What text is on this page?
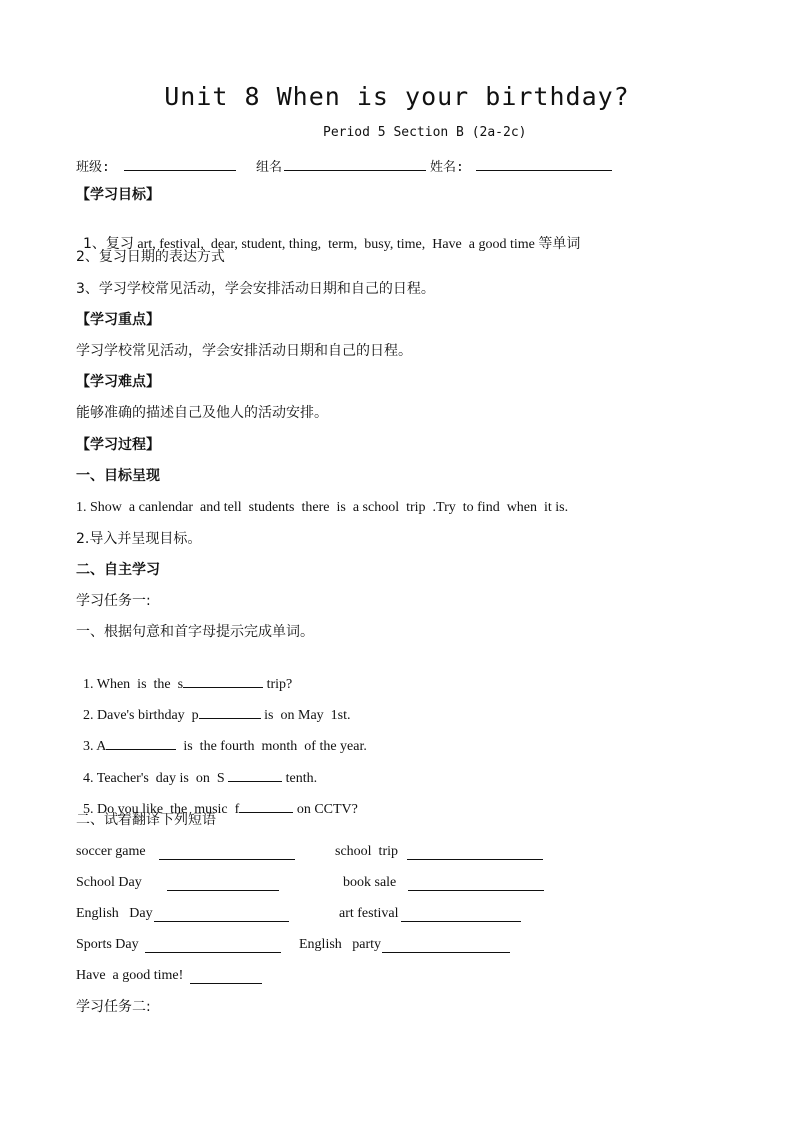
Unit 8 When is your birthday?
Period 5 Section B (2a-2c)
班级:	组名	姓名:
【学习目标】

1、复习 art, festival,  dear, student, thing,  term,  busy, time,  Have  a good time 等单词

2、复习日期的表达方式
3、学习学校常见活动，学会安排活动日期和自己的日程。
【学习重点】
学习学校常见活动，学会安排活动日期和自己的日程。
【学习难点】
能够准确的描述自己及他人的活动安排。
【学习过程】
一、目标呈现
1. Show  a canlendar  and tell  students  there  is  a school  trip  .Try  to find  when  it is.
2.导入并呈现目标。
二、自主学习
学习任务一:
一、根据句意和首字母提示完成单词。

1. When  is  the  s	trip?

2. Dave's birthday  p	is  on May  1st.

3. A	is  the fourth  month  of the year.

4. Teacher's  day is  on  S	tenth.

5. Do you like  the  music  f	on CCTV?

二、试着翻译下列短语
soccer game	school  trip
School Day	book sale
English   Day	art festival
Sports Day	English   party
Have  a good time!
学习任务二:
